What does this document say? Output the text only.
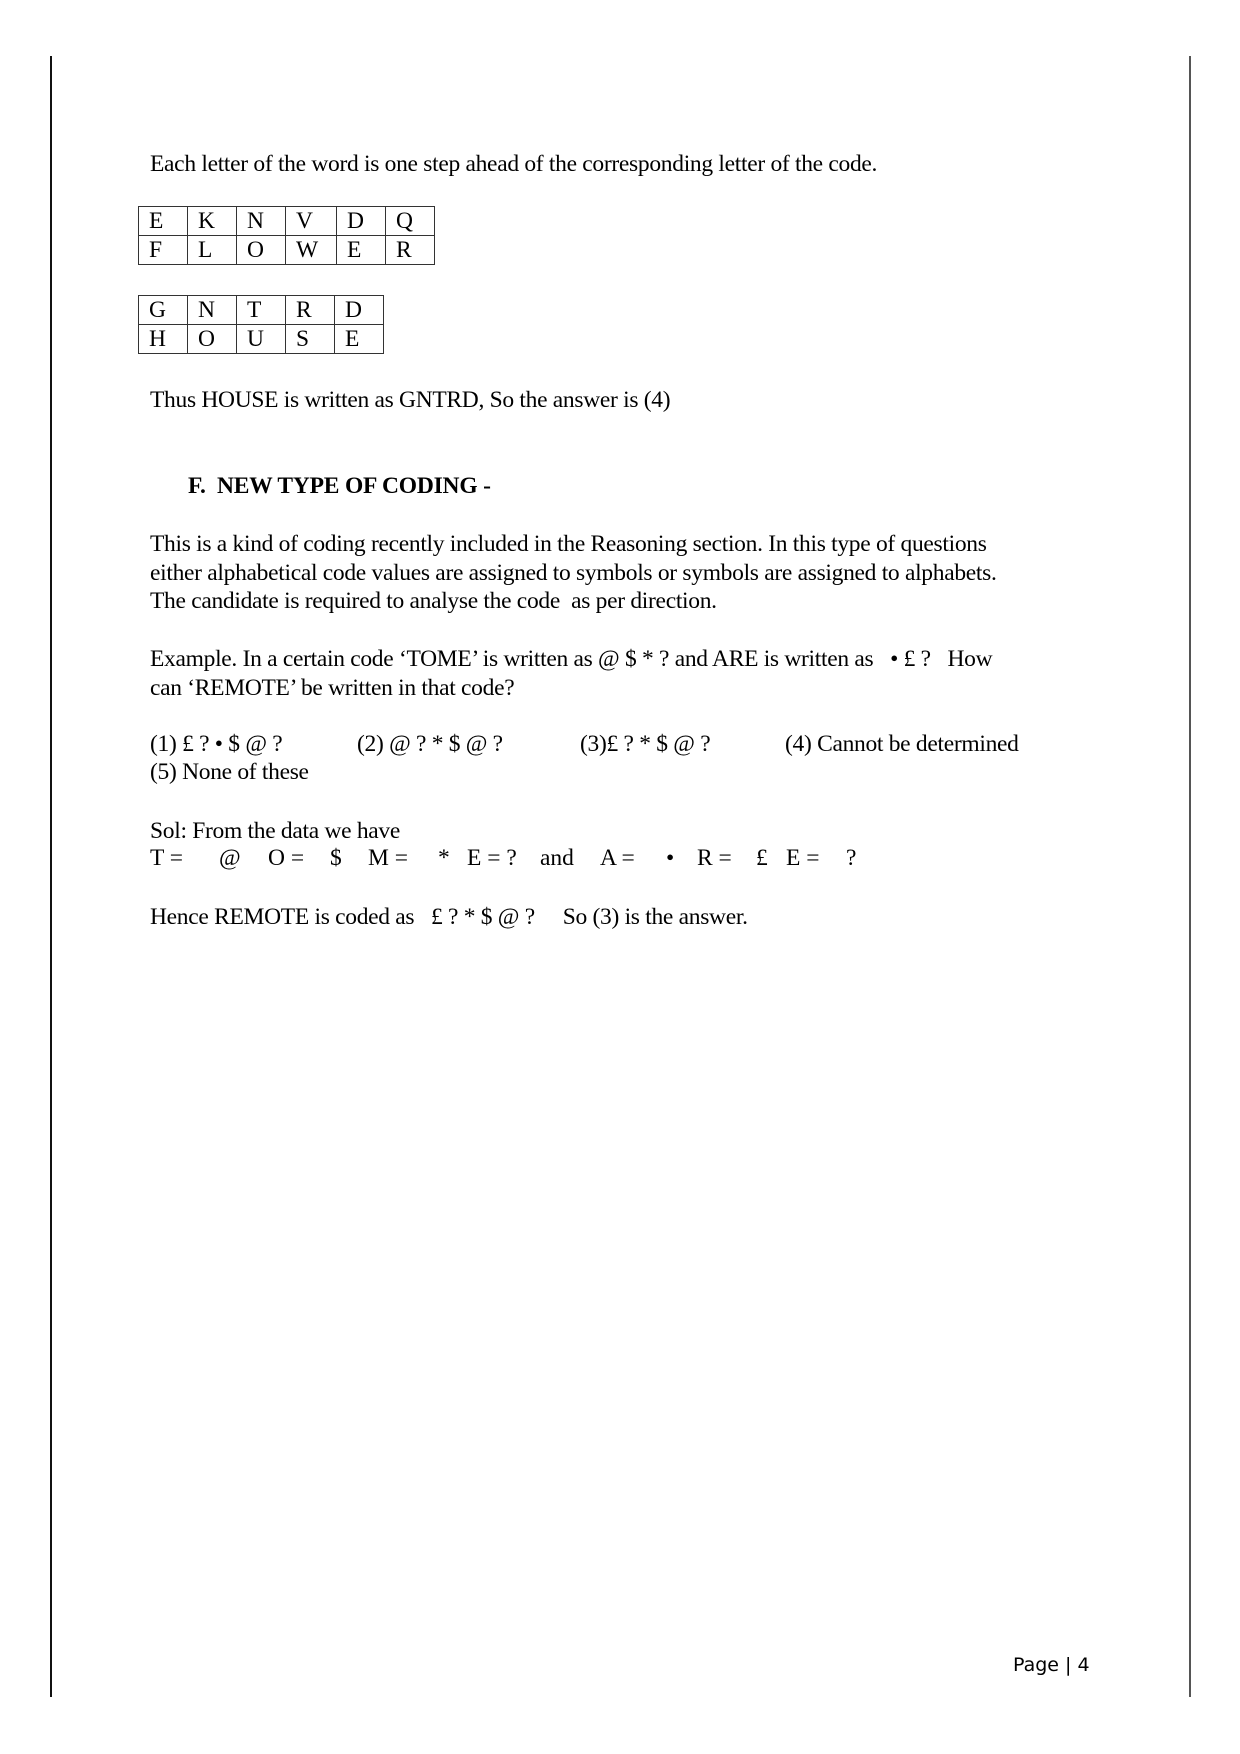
Each letter of the word is one step ahead of the corresponding letter of the code.
E	K	N	V	D	Q
F	L	O	W	E	R
G	N	T	R	D
H	O	U	S	E
Thus HOUSE is written as GNTRD, So the answer is (4)
F.  NEW TYPE OF CODING -
This is a kind of coding recently included in the Reasoning section. In this type of questions
either alphabetical code values are assigned to symbols or symbols are assigned to alphabets.
The candidate is required to analyse the code  as per direction.
Example. In a certain code ‘TOME’ is written as @ $ * ? and ARE is written as   • £ ?   How
can ‘REMOTE’ be written in that code?
(1) £ ? • $ @ ?	(2) @ ? * $ @ ?	(3)£ ? * $ @ ?	(4) Cannot be determined
(5) None of these
Sol: From the data we have
T = @ O = $ M = * E = ? and A = • R = £ E = ?
Hence REMOTE is coded as   £ ? * $ @ ?     So (3) is the answer.
Page | 4
